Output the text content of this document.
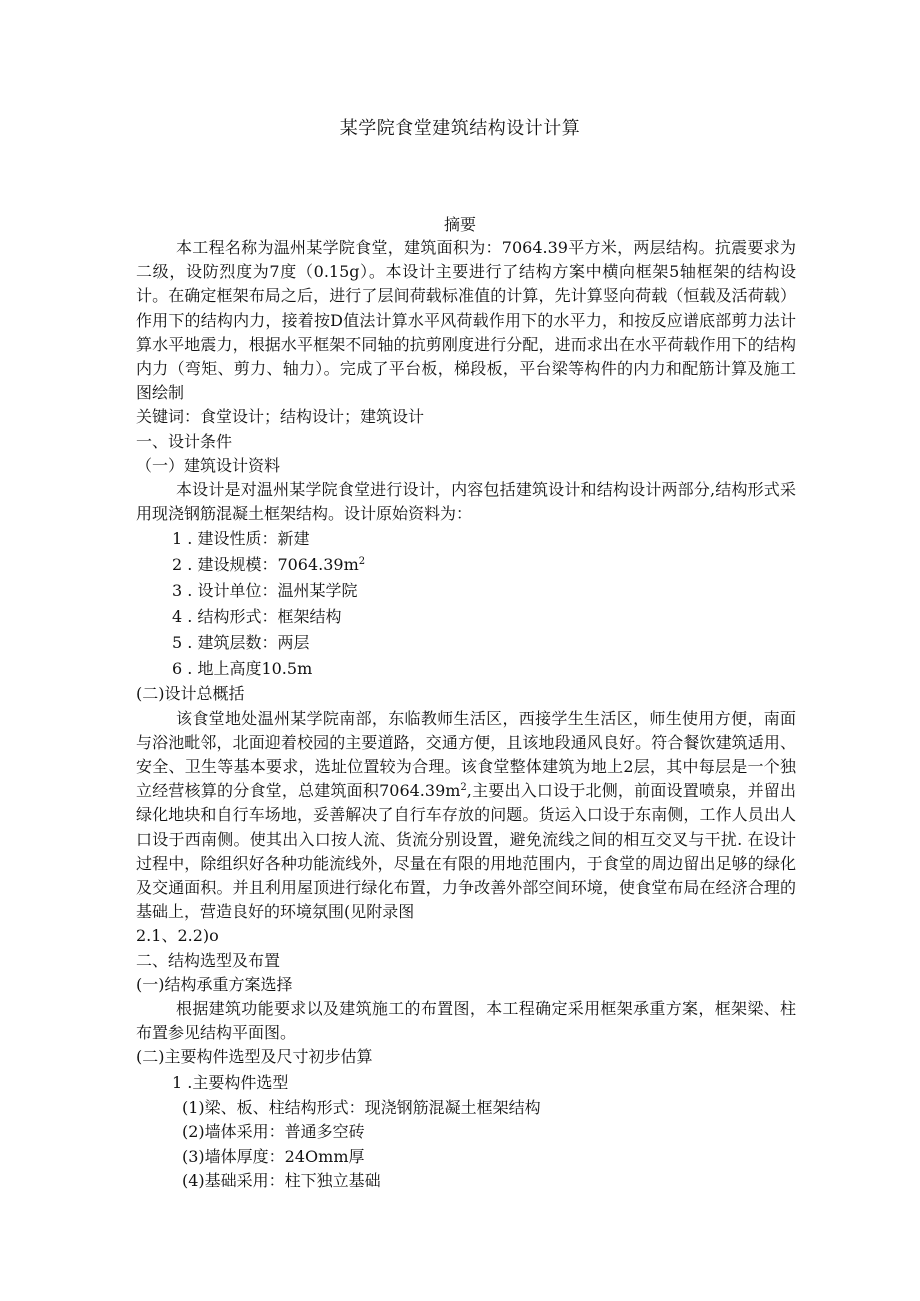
某学院食堂建筑结构设计计算
摘要

本工程名称为温州某学院食堂，建筑面积为：7064.39平方米，两层结构。抗震要求为二级，设防烈度为7度（0.15g）。本设计主要进行了结构方案中横向框架5轴框架的结构设计。在确定框架布局之后，进行了层间荷载标准值的计算，先计算竖向荷载（恒载及活荷载）作用下的结构内力，接着按D值法计算水平风荷载作用下的水平力，和按反应谱底部剪力法计算水平地震力，根据水平框架不同轴的抗剪刚度进行分配，进而求出在水平荷载作用下的结构内力（弯矩、剪力、轴力）。完成了平台板，梯段板，平台梁等构件的内力和配筋计算及施工图绘制

关键词：食堂设计；结构设计；建筑设计

一、设计条件

（一）建筑设计资料

本设计是对温州某学院食堂进行设计，内容包括建筑设计和结构设计两部分,结构形式采用现浇钢筋混凝土框架结构。设计原始资料为：

1 . 建设性质：新建

2 . 建设规模：$7064.39m^2$

3 . 设计单位：温州某学院

4 . 结构形式：框架结构

5 . 建筑层数：两层

6 . 地上高度10.5m

(二)设计总概括

该食堂地处温州某学院南部，东临教师生活区，西接学生生活区，师生使用方便，南面与浴池毗邻，北面迎着校园的主要道路，交通方便，且该地段通风良好。符合餐饮建筑适用、安全、卫生等基本要求，选址位置较为合理。该食堂整体建筑为地上2层，其中每层是一个独立经营核算的分食堂，总建筑面积$7064.39m^2$,主要出入口设于北侧，前面设置喷泉，并留出绿化地块和自行车场地，妥善解决了自行车存放的问题。货运入口设于东南侧，工作人员出人口设于西南侧。使其出入口按人流、货流分别设置，避免流线之间的相互交叉与干扰. 在设计过程中，除组织好各种功能流线外，尽量在有限的用地范围内，于食堂的周边留出足够的绿化及交通面积。并且利用屋顶进行绿化布置，力争改善外部空间环境，使食堂布局在经济合理的基础上，营造良好的环境氛围(见附录图

2.1、2.2)o

二、结构选型及布置

(一)结构承重方案选择

根据建筑功能要求以及建筑施工的布置图，本工程确定采用框架承重方案，框架梁、柱布置参见结构平面图。

(二)主要构件选型及尺寸初步估算

1 .主要构件选型

(1)梁、板、柱结构形式：现浇钢筋混凝土框架结构

(2)墙体采用：普通多空砖

(3)墙体厚度：24Omm厚

(4)基础采用：柱下独立基础
